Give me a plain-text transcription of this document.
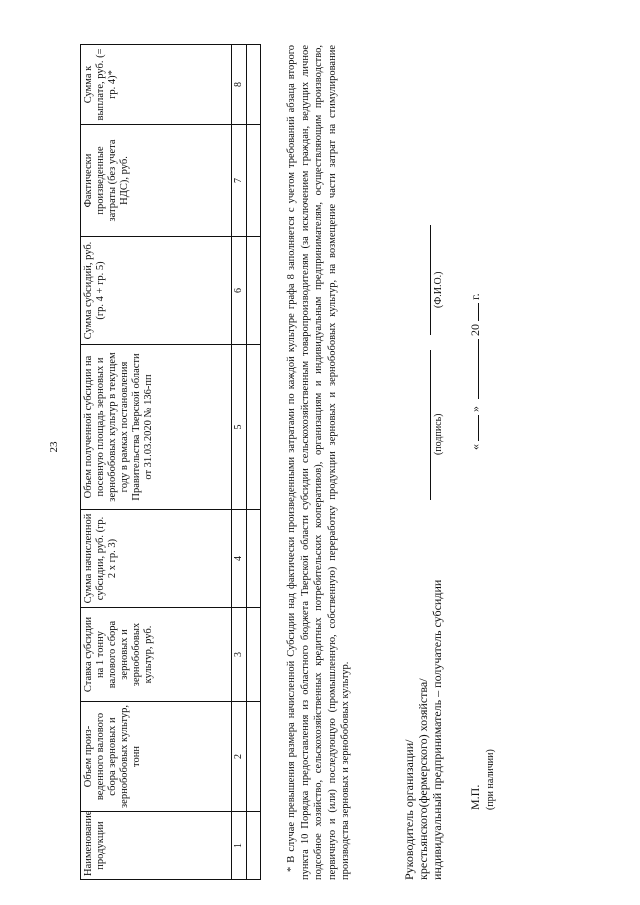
23
Наименование продукции	Объем произ-веденного валового сбора зерновых и зернобобовых культур, тонн	Ставка субсидии на 1 тонну валового сбора зерновых и зернобобовых культур, руб.	Сумма начисленной субсидии, руб. (гр. 2 x гр. 3)	Объем полученной субсидии на посевную площадь зерновых и зернобобовых культур в текущем году в рамках постановления Правительства Тверской области от 31.03.2020 № 136-пп	Сумма субсидий, руб. (гр. 4 + гр. 5)	Фактически произведенные затраты (без учета НДС), руб.	Сумма к выплате, руб. (= гр. 4)*
1	2	3	4	5	6	7	8
								* В случае превышения размера начисленной Субсидии над фактически произведенными затратами по каждой культуре графа 8 заполняется с учетом требований абзаца второго пункта 10 Порядка предоставления из областного бюджета Тверской области субсидии сельскохозяйственным товаропроизводителям (за исключением граждан, ведущих личное подсобное хозяйство, сельскохозяйственных кредитных потребительских кооперативов), организациям и индивидуальным предпринимателям, осуществляющим производство, первичную и (или) последующую (промышленную, собственную) переработку продукции зерновых и зернобобовых культур, на возмещение части затрат на стимулирование производства зерновых и зернобобовых культур.	Руководитель организации/ крестьянского(фермерского) хозяйства/ индивидуальный предприниматель – получатель субсидии
(подпись)
(Ф.И.О.)
М.П. (при наличии)
«  »  20  г.
